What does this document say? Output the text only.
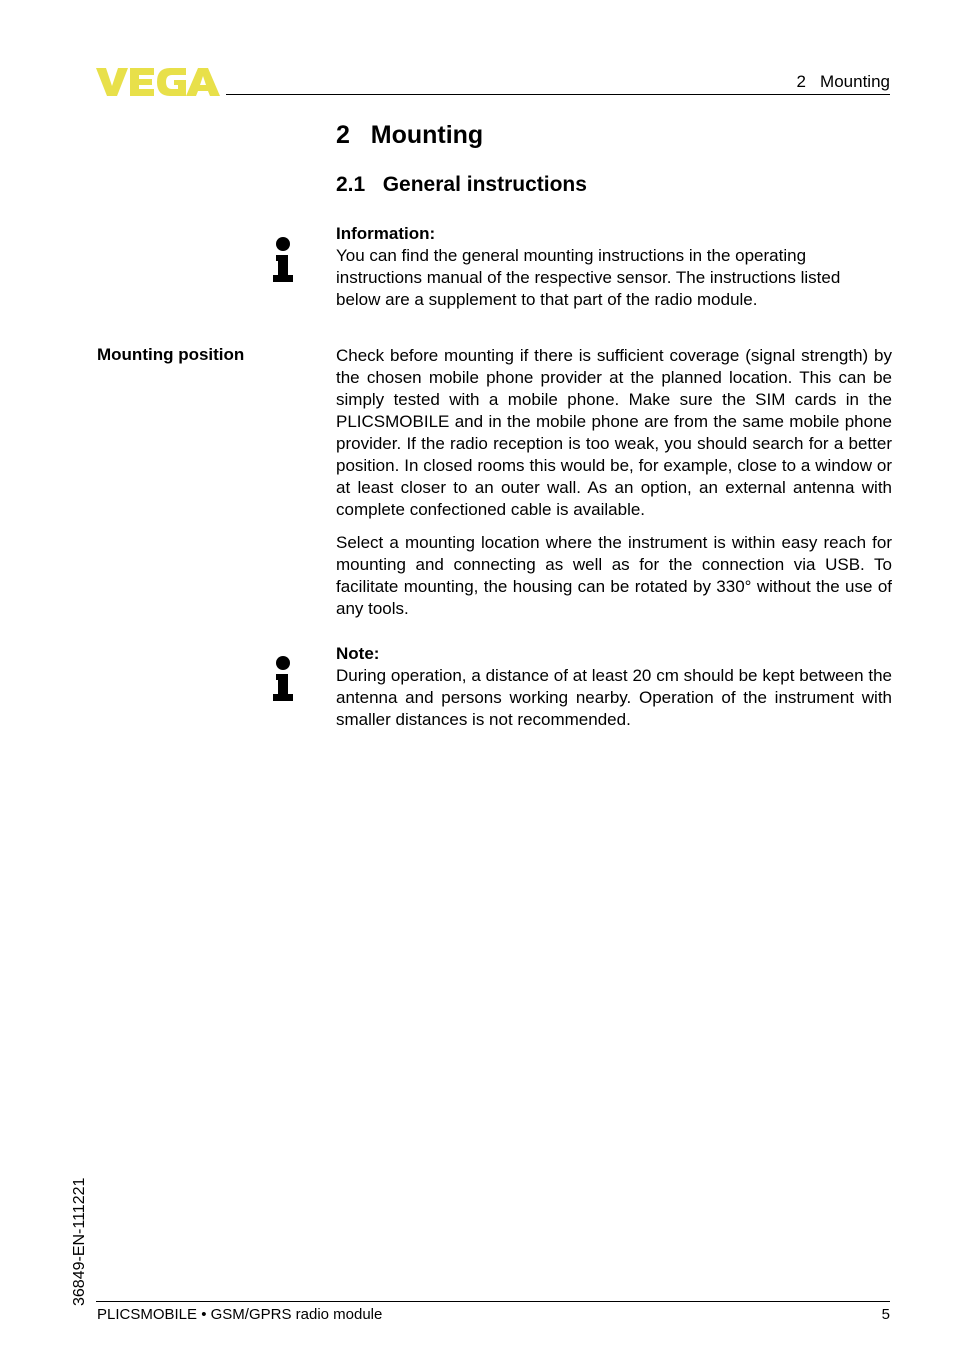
2   Mounting
2   Mounting
2.1   General instructions
Information:
You can find the general mounting instructions in the operating instructions manual of the respective sensor. The instructions listed below are a supplement to that part of the radio module.
Mounting position	Check before mounting if there is sufficient coverage (signal strength) by the chosen mobile phone provider at the planned location. This can be simply tested with a mobile phone. Make sure the SIM cards in the PLICSMOBILE and in the mobile phone are from the same mobile phone provider. If the radio reception is too weak, you should search for a better position. In closed rooms this would be, for example, close to a window or at least closer to an outer wall. As an option, an external antenna with complete confectioned cable is available.
Select a mounting location where the instrument is within easy reach for mounting and connecting as well as for the connection via USB. To facilitate mounting, the housing can be rotated by 330° without the use of any tools.
Note:
During operation, a distance of at least 20 cm should be kept between the antenna and persons working nearby. Operation of the instrument with smaller distances is not recommended.
36849-EN-111221
PLICSMOBILE • GSM/GPRS radio module	5
